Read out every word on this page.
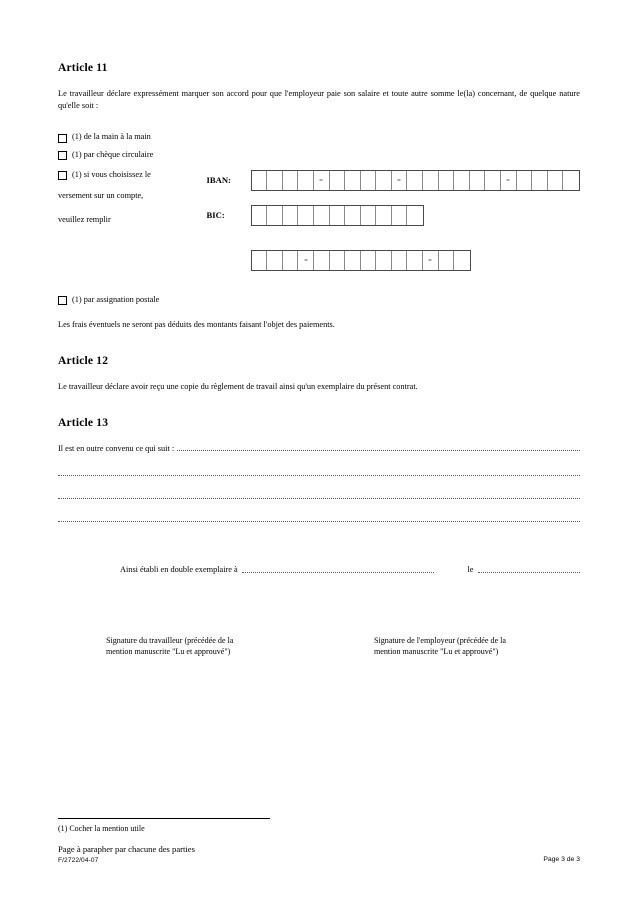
Article 11

Le travailleur déclare expressément marquer son accord pour que l'employeur paie son salaire et toute autre somme le(la) concernant, de quelque nature qu'elle soit :

(1) de la main à la main
(1) par chèque circulaire
(1) si vous choisissez le

versement sur un compte,

veuillez remplir

IBAN:
BIC:
(1) par assignation postale

Les frais éventuels ne seront pas déduits des montants faisant l'objet des paiements.

Article 12

Le travailleur déclare avoir reçu une copie du règlement de travail ainsi qu'un exemplaire du présent contrat.

Article 13
Il est en outre convenu ce qui suit :
Ainsi établi en double exemplaire à	le
Signature du travailleur (précédée de la
mention manuscrite "Lu et approuvé")
Signature de l'employeur (précédée de la
mention manuscrite "Lu et approuvé")

(1) Cocher la mention utile

Page à parapher par chacune des parties

F/2722/04-07	Page 3 de 3
